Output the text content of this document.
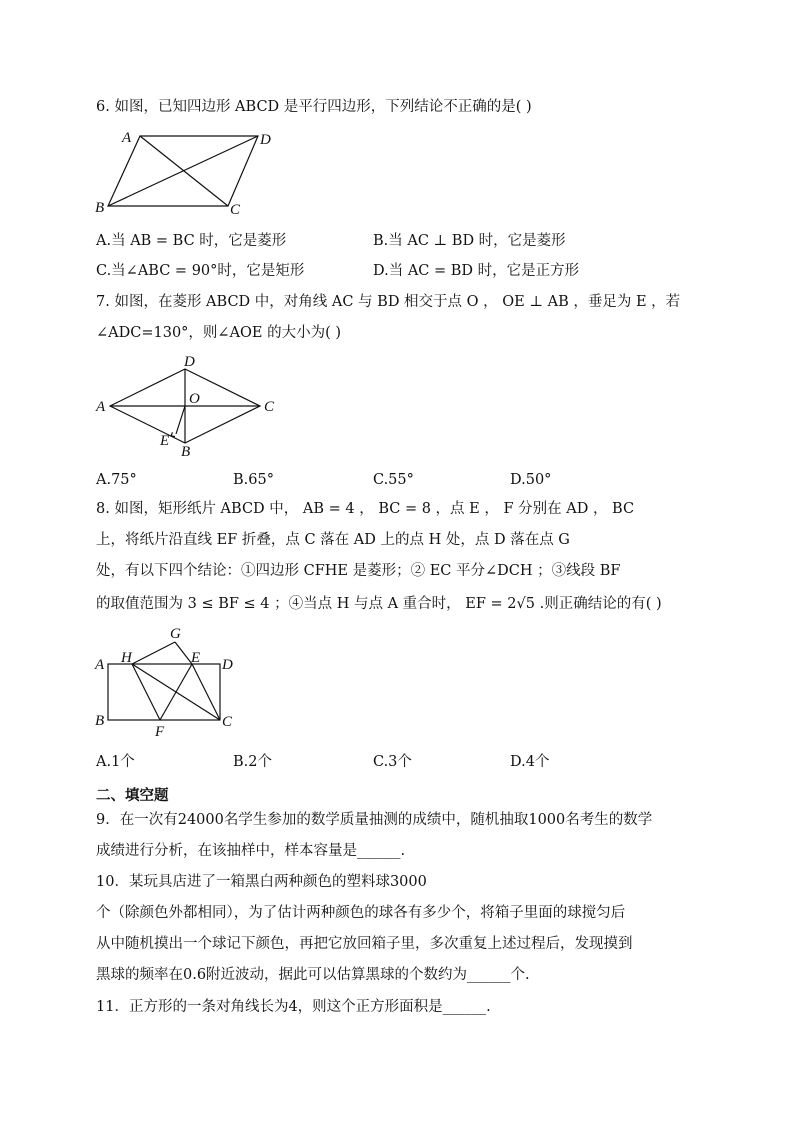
6. 如图，已知四边形 ABCD 是平行四边形，下列结论不正确的是( )
A	D
B	C
A.当 AB = BC 时，它是菱形	B.当 AC ⊥ BD 时，它是菱形
C.当∠ABC = 90°时，它是矩形	D.当 AC = BD 时，它是正方形
7. 如图，在菱形 ABCD 中，对角线 AC 与 BD 相交于点 O ， OE ⊥ AB ，垂足为 E ，若
∠ADC=130°，则∠AOE 的大小为( )
D
A	O	C
E
B
A.75°	B.65°	C.55°	D.50°
8. 如图，矩形纸片 ABCD 中， AB = 4 ， BC = 8 ，点 E ， F 分别在 AD ， BC
上，将纸片沿直线 EF 折叠，点 C 落在 AD 上的点 H 处，点 D 落在点 G
处，有以下四个结论：①四边形 CFHE 是菱形；② EC 平分∠DCH ；③线段 BF
的取值范围为 3 ≤ BF ≤ 4 ；④当点 H 与点 A 重合时， EF = 2√5 .则正确结论的有( )
G
A H	E D
B
F
C
A.1个	B.2个	C.3个	D.4个
二、填空题
9．在一次有24000名学生参加的数学质量抽测的成绩中，随机抽取1000名考生的数学
成绩进行分析，在该抽样中，样本容量是______.
10．某玩具店进了一箱黑白两种颜色的塑料球3000
个（除颜色外都相同），为了估计两种颜色的球各有多少个，将箱子里面的球搅匀后
从中随机摸出一个球记下颜色，再把它放回箱子里，多次重复上述过程后，发现摸到
黑球的频率在0.6附近波动，据此可以估算黑球的个数约为______个.
11．正方形的一条对角线长为4，则这个正方形面积是______.
